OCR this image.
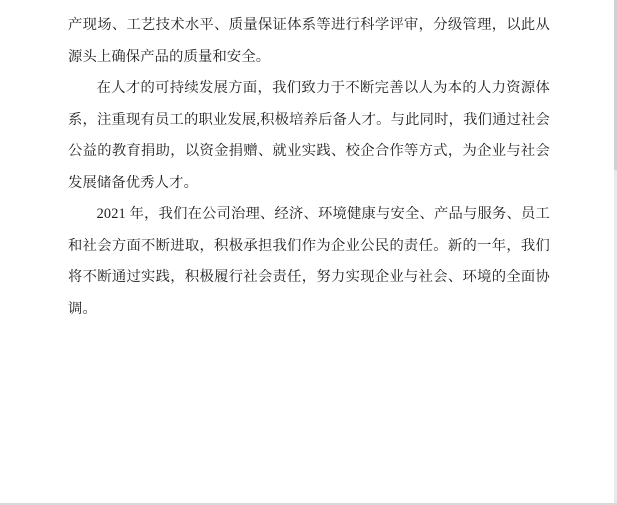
产现场、工艺技术水平、质量保证体系等进行科学评审，分级管理，以此从源头上确保产品的质量和安全。

在人才的可持续发展方面，我们致力于不断完善以人为本的人力资源体系，注重现有员工的职业发展,积极培养后备人才。与此同时，我们通过社会公益的教育捐助，以资金捐赠、就业实践、校企合作等方式，为企业与社会发展储备优秀人才。

2021 年，我们在公司治理、经济、环境健康与安全、产品与服务、员工和社会方面不断进取，积极承担我们作为企业公民的责任。新的一年，我们将不断通过实践，积极履行社会责任，努力实现企业与社会、环境的全面协调。
